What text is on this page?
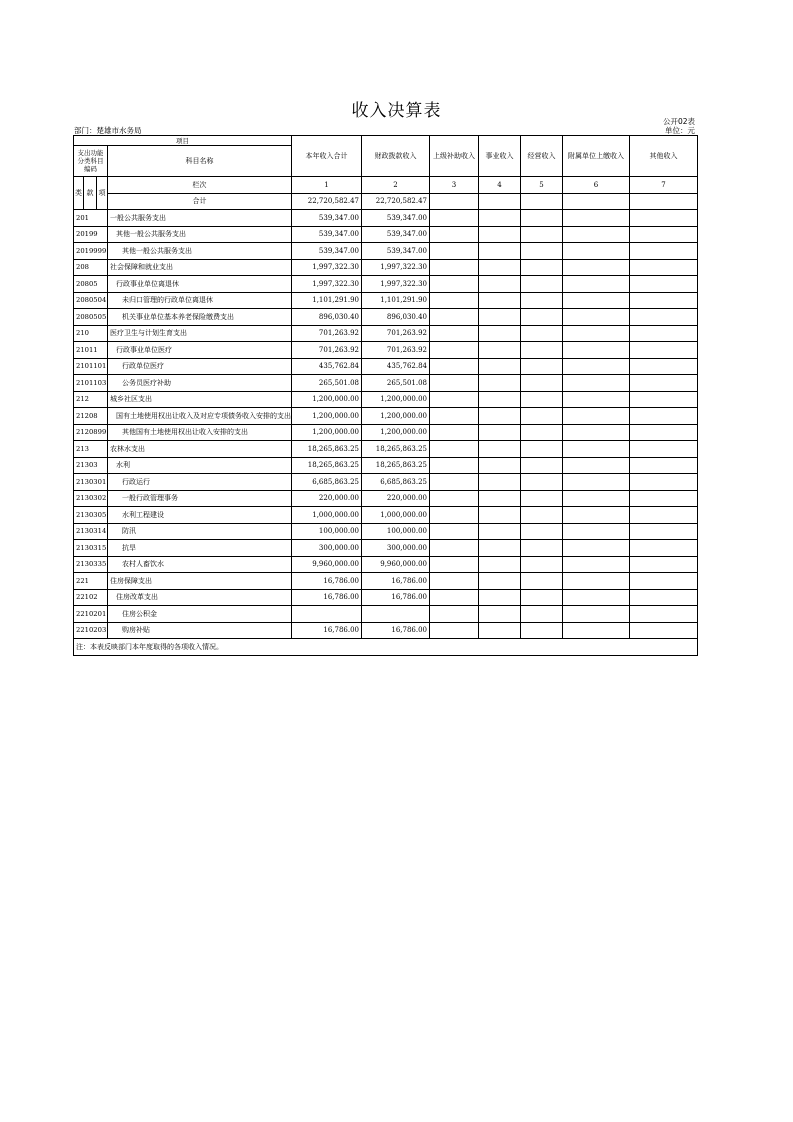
收入决算表
公开02表
部门：楚雄市水务局	单位：元
项目				本年收入合计	财政拨款收入	上级补助收入	事业收入	经营收入	附属单位上缴收入	其他收入
支出功能分类科目编码			科目名称							

类	款	项	栏次	1	2	3	4	5	6	7
			合计	22,720,582.47	22,720,582.47					
201			一般公共服务支出	539,347.00	539,347.00					
20199			其他一般公共服务支出	539,347.00	539,347.00					
2019999			其他一般公共服务支出	539,347.00	539,347.00					
208			社会保障和就业支出	1,997,322.30	1,997,322.30					
20805			行政事业单位离退休	1,997,322.30	1,997,322.30					
2080504			未归口管理的行政单位离退休	1,101,291.90	1,101,291.90					
2080505			机关事业单位基本养老保险缴费支出	896,030.40	896,030.40					
210			医疗卫生与计划生育支出	701,263.92	701,263.92					
21011			行政事业单位医疗	701,263.92	701,263.92					
2101101			行政单位医疗	435,762.84	435,762.84					
2101103			公务员医疗补助	265,501.08	265,501.08					
212			城乡社区支出	1,200,000.00	1,200,000.00					
21208			国有土地使用权出让收入及对应专项债务收入安排的支出	1,200,000.00	1,200,000.00					
2120899			其他国有土地使用权出让收入安排的支出	1,200,000.00	1,200,000.00					
213			农林水支出	18,265,863.25	18,265,863.25					
21303			水利	18,265,863.25	18,265,863.25					
2130301			行政运行	6,685,863.25	6,685,863.25					
2130302			一般行政管理事务	220,000.00	220,000.00					
2130305			水利工程建设	1,000,000.00	1,000,000.00					
2130314			防汛	100,000.00	100,000.00					
2130315			抗旱	300,000.00	300,000.00					
2130335			农村人畜饮水	9,960,000.00	9,960,000.00					
221			住房保障支出	16,786.00	16,786.00					
22102			住房改革支出	16,786.00	16,786.00					
2210201			住房公积金							
2210203			购房补贴	16,786.00	16,786.00					
注：本表反映部门本年度取得的各项收入情况。										
